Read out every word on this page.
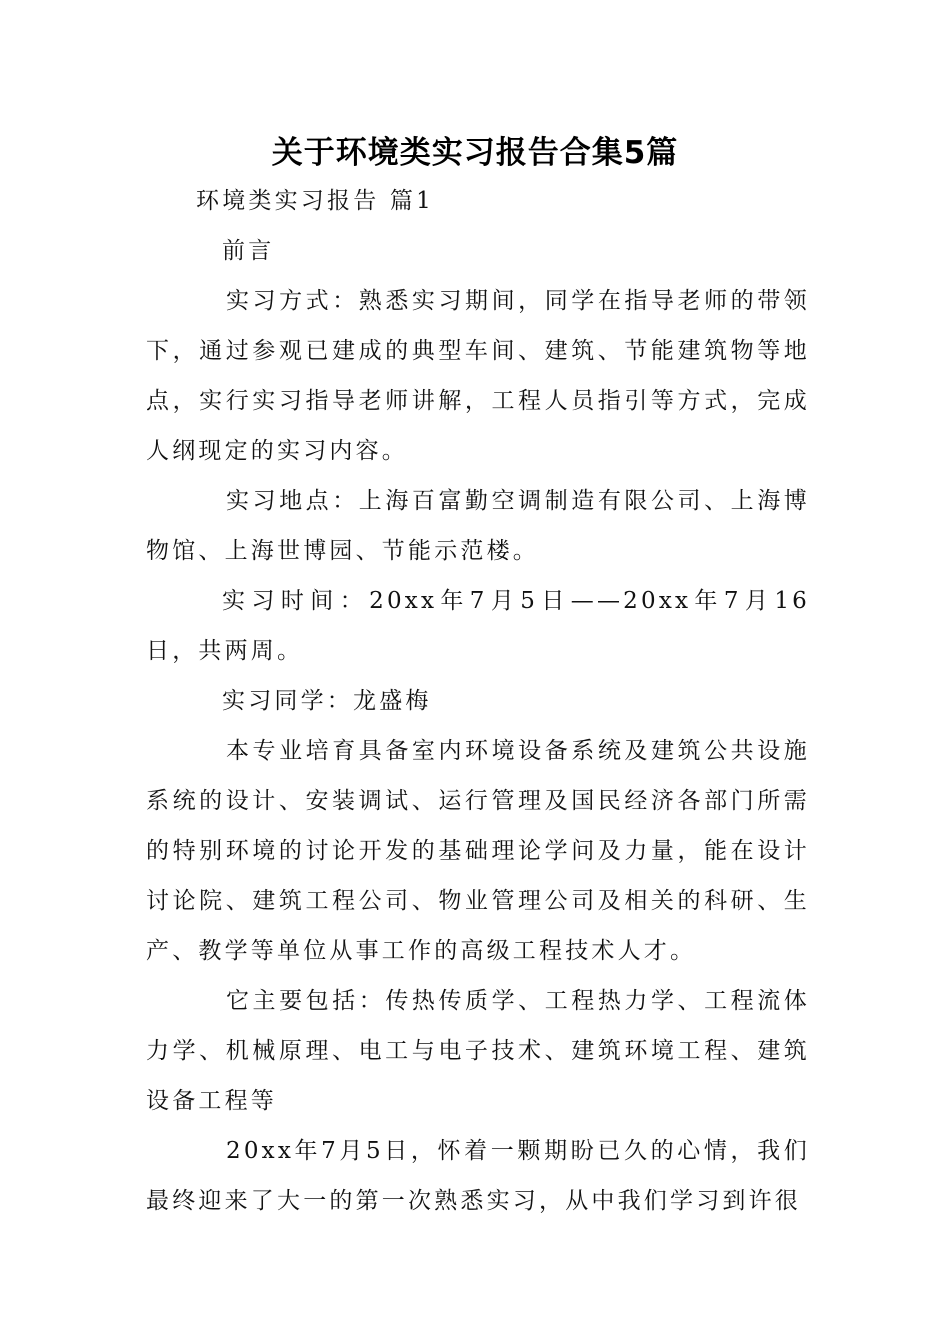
关于环境类实习报告合集5篇
环境类实习报告 篇1
前言
实习方式：熟悉实习期间，同学在指导老师的带领下，通过参观已建成的典型车间、建筑、节能建筑物等地点，实行实习指导老师讲解，工程人员指引等方式，完成人纲现定的实习内容。
实习地点：上海百富勤空调制造有限公司、上海博物馆、上海世博园、节能示范楼。
实习时间：20xx年7月5日——20xx年7月16日，共两周。
实习同学：龙盛梅
本专业培育具备室内环境设备系统及建筑公共设施系统的设计、安装调试、运行管理及国民经济各部门所需的特别环境的讨论开发的基础理论学问及力量，能在设计讨论院、建筑工程公司、物业管理公司及相关的科研、生产、教学等单位从事工作的高级工程技术人才。
它主要包括：传热传质学、工程热力学、工程流体力学、机械原理、电工与电子技术、建筑环境工程、建筑设备工程等
20xx年7月5日，怀着一颗期盼已久的心情，我们最终迎来了大一的第一次熟悉实习，从中我们学习到许很
